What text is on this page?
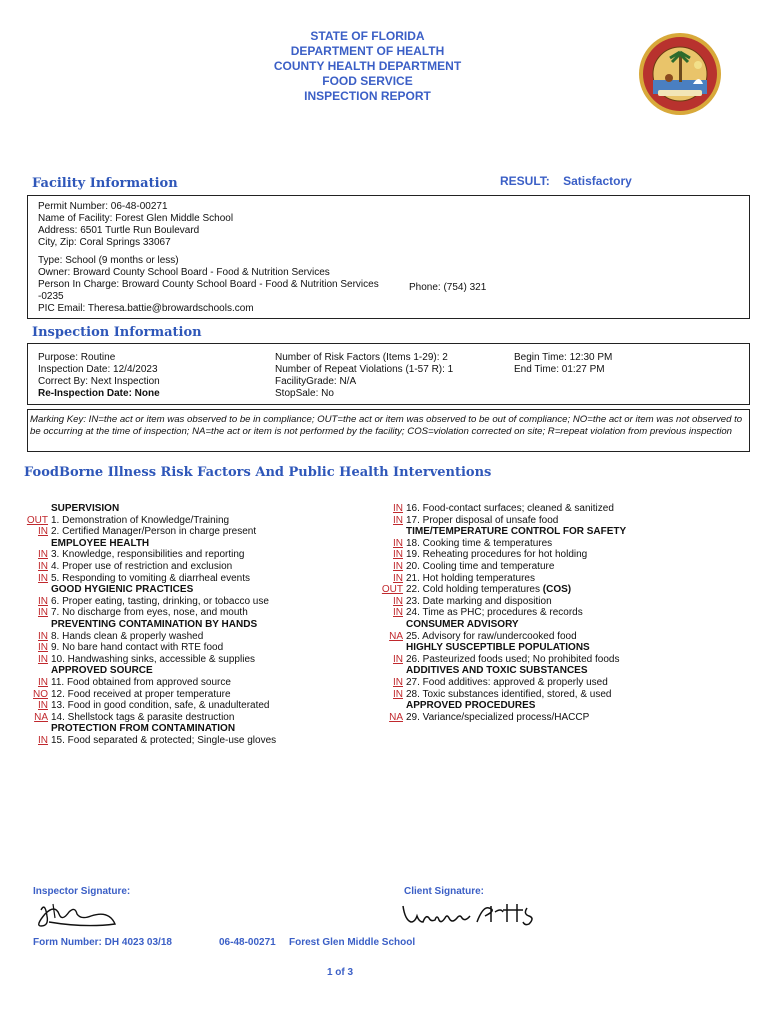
STATE OF FLORIDA
DEPARTMENT OF HEALTH
COUNTY HEALTH DEPARTMENT
FOOD SERVICE
INSPECTION REPORT
Facility Information	RESULT: Satisfactory
Permit Number: 06-48-00271
Name of Facility: Forest Glen Middle School
Address: 6501 Turtle Run Boulevard
City, Zip: Coral Springs 33067
Type: School (9 months or less)
Owner: Broward County School Board - Food & Nutrition Services
Person In Charge: Broward County School Board - Food & Nutrition Services
-0235
PIC Email: Theresa.battie@browardschools.com
Phone: (754) 321
Inspection Information
Purpose: Routine
Inspection Date: 12/4/2023
Correct By: Next Inspection
Re-Inspection Date: None
Number of Risk Factors (Items 1-29): 2
Number of Repeat Violations (1-57 R): 1
FacilityGrade: N/A
StopSale: No
Begin Time: 12:30 PM
End Time: 01:27 PM
Marking Key: IN=the act or item was observed to be in compliance; OUT=the act or item was observed to be out of compliance; NO=the act or item was not observed to be occurring at the time of inspection; NA=the act or item is not performed by the facility; COS=violation corrected on site; R=repeat violation from previous inspection
FoodBorne Illness Risk Factors And Public Health Interventions
SUPERVISION
OUT 1. Demonstration of Knowledge/Training
IN 2. Certified Manager/Person in charge present
EMPLOYEE HEALTH
IN 3. Knowledge, responsibilities and reporting
IN 4. Proper use of restriction and exclusion
IN 5. Responding to vomiting & diarrheal events
GOOD HYGIENIC PRACTICES
IN 6. Proper eating, tasting, drinking, or tobacco use
IN 7. No discharge from eyes, nose, and mouth
PREVENTING CONTAMINATION BY HANDS
IN 8. Hands clean & properly washed
IN 9. No bare hand contact with RTE food
IN 10. Handwashing sinks, accessible & supplies
APPROVED SOURCE
IN 11. Food obtained from approved source
NO 12. Food received at proper temperature
IN 13. Food in good condition, safe, & unadulterated
NA 14. Shellstock tags & parasite destruction
PROTECTION FROM CONTAMINATION
IN 15. Food separated & protected; Single-use gloves
IN 16. Food-contact surfaces; cleaned & sanitized
IN 17. Proper disposal of unsafe food
TIME/TEMPERATURE CONTROL FOR SAFETY
IN 18. Cooking time & temperatures
IN 19. Reheating procedures for hot holding
IN 20. Cooling time and temperature
IN 21. Hot holding temperatures
OUT 22. Cold holding temperatures (COS)
IN 23. Date marking and disposition
IN 24. Time as PHC; procedures & records
CONSUMER ADVISORY
NA 25. Advisory for raw/undercooked food
HIGHLY SUSCEPTIBLE POPULATIONS
IN 26. Pasteurized foods used; No prohibited foods
ADDITIVES AND TOXIC SUBSTANCES
IN 27. Food additives: approved & properly used
IN 28. Toxic substances identified, stored, & used
APPROVED PROCEDURES
NA 29. Variance/specialized process/HACCP
Inspector Signature:	Client Signature:
Form Number: DH 4023 03/18	06-48-00271 Forest Glen Middle School
1 of 3
